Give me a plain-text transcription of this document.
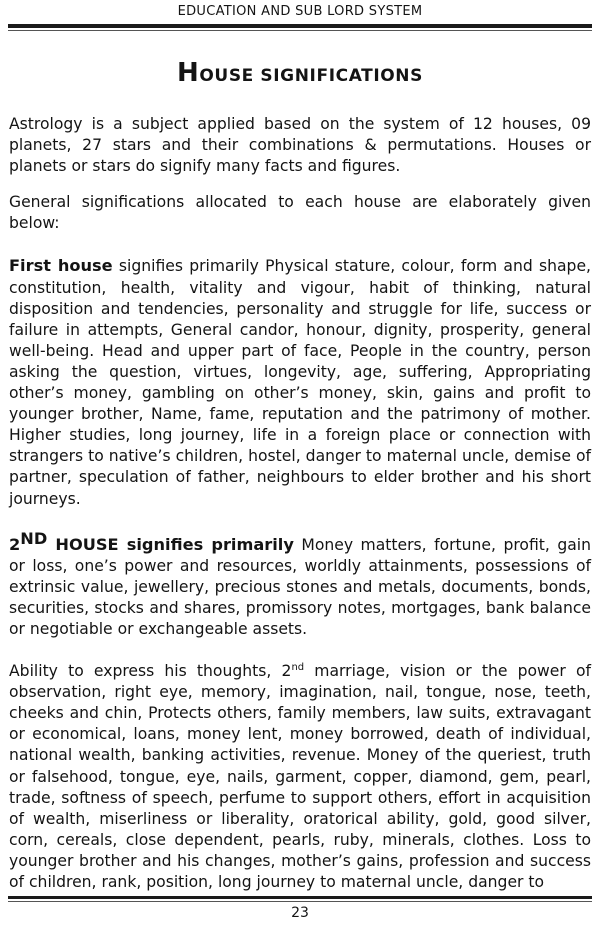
EDUCATION AND SUB LORD SYSTEM
HOUSE SIGNIFICATIONS

Astrology is a subject applied based on the system of 12 houses, 09 planets, 27 stars and their combinations & permutations. Houses or planets or stars do signify many facts and figures.

General significations allocated to each house are elaborately given below:

First house signifies primarily Physical stature, colour, form and shape, constitution, health, vitality and vigour, habit of thinking, natural disposition and tendencies, personality and struggle for life, success or failure in attempts, General candor, honour, dignity, prosperity, general well-being. Head and upper part of face, People in the country, person asking the question, virtues, longevity, age, suffering, Appropriating other’s money, gambling on other’s money, skin, gains and profit to younger brother, Name, fame, reputation and the patrimony of mother. Higher studies, long journey, life in a foreign place or connection with strangers to native’s children, hostel, danger to maternal uncle, demise of partner, speculation of father, neighbours to elder brother and his short journeys.

2ND HOUSE signifies primarily Money matters, fortune, profit, gain or loss, one’s power and resources, worldly attainments, possessions of extrinsic value, jewellery, precious stones and metals, documents, bonds, securities, stocks and shares, promissory notes, mortgages, bank balance or negotiable or exchangeable assets.

Ability to express his thoughts, 2nd marriage, vision or the power of observation, right eye, memory, imagination, nail, tongue, nose, teeth, cheeks and chin, Protects others, family members, law suits, extravagant or economical, loans, money lent, money borrowed, death of individual, national wealth, banking activities, revenue. Money of the queriest, truth or falsehood, tongue, eye, nails, garment, copper, diamond, gem, pearl, trade, softness of speech, perfume to support others, effort in acquisition of wealth, miserliness or liberality, oratorical ability, gold, good silver, corn, cereals, close dependent, pearls, ruby, minerals, clothes. Loss to younger brother and his changes, mother’s gains, profession and success of children, rank, position, long journey to maternal uncle, danger to

23
